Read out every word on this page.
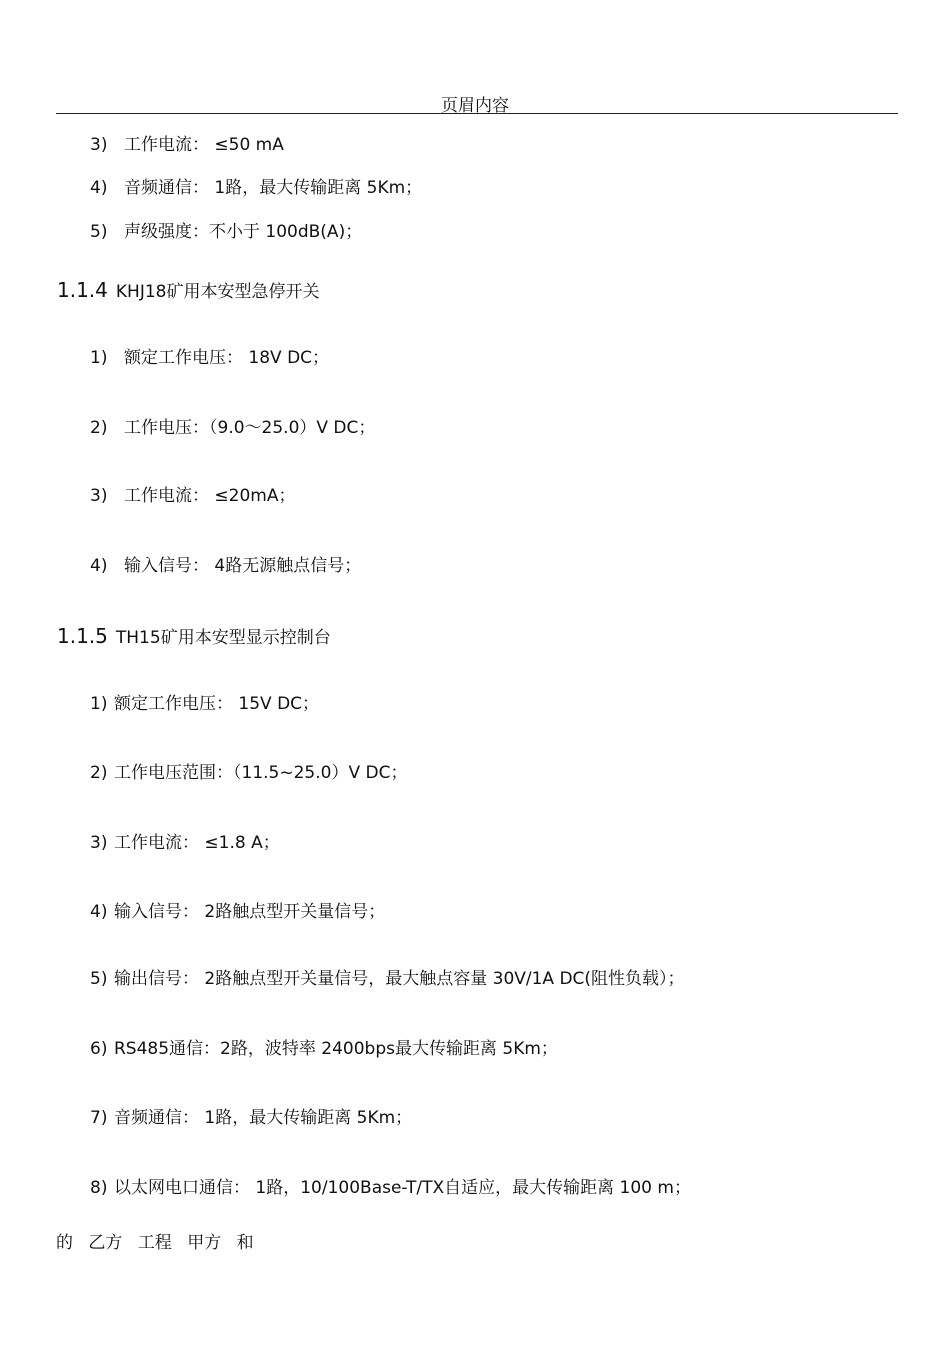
页眉内容
3) 工作电流： ≤50 mA
4) 音频通信： 1路，最大传输距离 5Km；
5) 声级强度：不小于 100dB(A)；
1.1.4 KHJ18矿用本安型急停开关
1) 额定工作电压： 18V DC；
2) 工作电压：（9.0～25.0）V DC；
3) 工作电流： ≤20mA；
4) 输入信号： 4路无源触点信号；
1.1.5 TH15矿用本安型显示控制台
1) 额定工作电压： 15V DC；
2) 工作电压范围：（11.5~25.0）V DC；
3) 工作电流： ≤1.8 A；
4) 输入信号： 2路触点型开关量信号；
5) 输出信号： 2路触点型开关量信号，最大触点容量 30V/1A DC(阻性负载）；
6) RS485通信：2路，波特率 2400bps最大传输距离 5Km；
7) 音频通信： 1路，最大传输距离 5Km；
8) 以太网电口通信： 1路，10/100Base-T/TX自适应，最大传输距离 100 m；
的 乙方 工程 甲方 和
